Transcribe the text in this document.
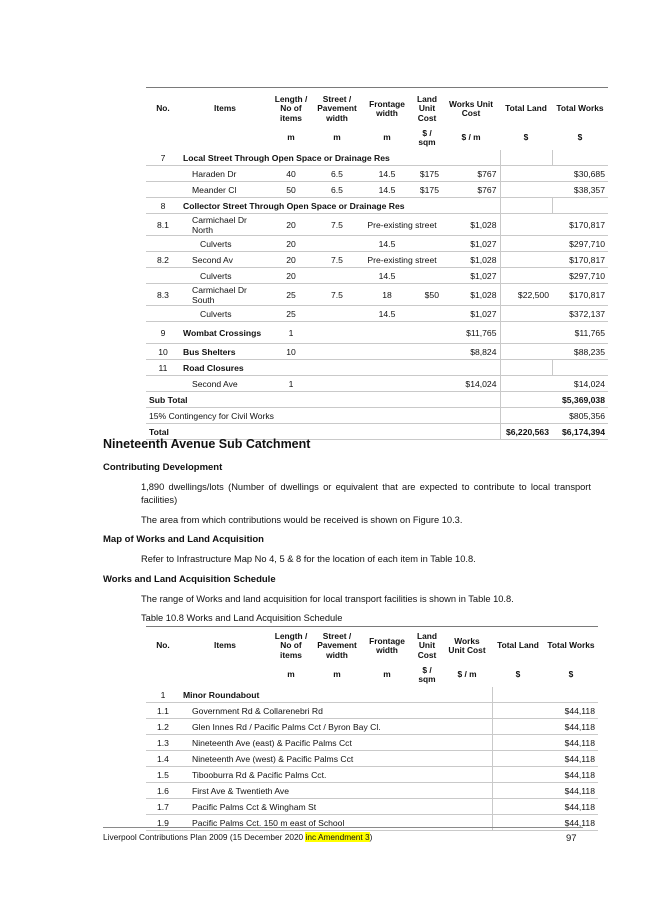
No.	Items	Length / No of items	Street / Pavement width	Frontage width	Land Unit Cost	Works Unit Cost	Total Land	Total Works
		m	m	m	$ / sqm	$ / m	$	$
7	Local Street Through Open Space or Drainage Res							
	Haraden Dr	40	6.5	14.5	$175	$767		$30,685
	Meander Cl	50	6.5	14.5	$175	$767		$38,357
8	Collector Street Through Open Space or Drainage Res							
8.1	Carmichael Dr North	20	7.5	Pre-existing street		$1,028		$170,817
	Culverts	20		14.5		$1,027		$297,710
8.2	Second Av	20	7.5	Pre-existing street		$1,028		$170,817
	Culverts	20		14.5		$1,027		$297,710
8.3	Carmichael Dr South	25	7.5	18	$50	$1,028	$22,500	$170,817
	Culverts	25		14.5		$1,027		$372,137
9	Wombat Crossings	1				$11,765		$11,765
10	Bus Shelters	10				$8,824		$88,235
11	Road Closures							
	Second Ave	1				$14,024		$14,024
Sub Total								$5,369,038
15% Contingency for Civil Works								$805,356
Total							$6,220,563	$6,174,394
Nineteenth Avenue Sub Catchment
Contributing Development

1,890 dwellings/lots (Number of dwellings or equivalent that are expected to contribute to local transport facilities)

The area from which contributions would be received is shown on Figure 10.3.

Map of Works and Land Acquisition

Refer to Infrastructure Map No 4, 5 & 8 for the location of each item in Table 10.8.

Works and Land Acquisition Schedule

The range of Works and land acquisition for local transport facilities is shown in Table 10.8.

Table 10.8 Works and Land Acquisition Schedule

No.	Items	Length / No of items	Street / Pavement width	Frontage width	Land Unit Cost	Works Unit Cost	Total Land	Total Works
		m	m	m	$ / sqm	$ / m	$	$
1	Minor Roundabout							
1.1	Government Rd & Collarenebri Rd							$44,118
1.2	Glen Innes Rd / Pacific Palms Cct / Byron Bay Cl.							$44,118
1.3	Nineteenth Ave (east) & Pacific Palms Cct							$44,118
1.4	Nineteenth Ave (west) & Pacific Palms Cct							$44,118
1.5	Tibooburra Rd & Pacific Palms Cct.							$44,118
1.6	First Ave & Twentieth Ave							$44,118
1.7	Pacific Palms Cct & Wingham St							$44,118
1.9	Pacific Palms Cct. 150 m east of School							$44,118
Liverpool Contributions Plan 2009 (15 December 2020 inc Amendment 3)	97
